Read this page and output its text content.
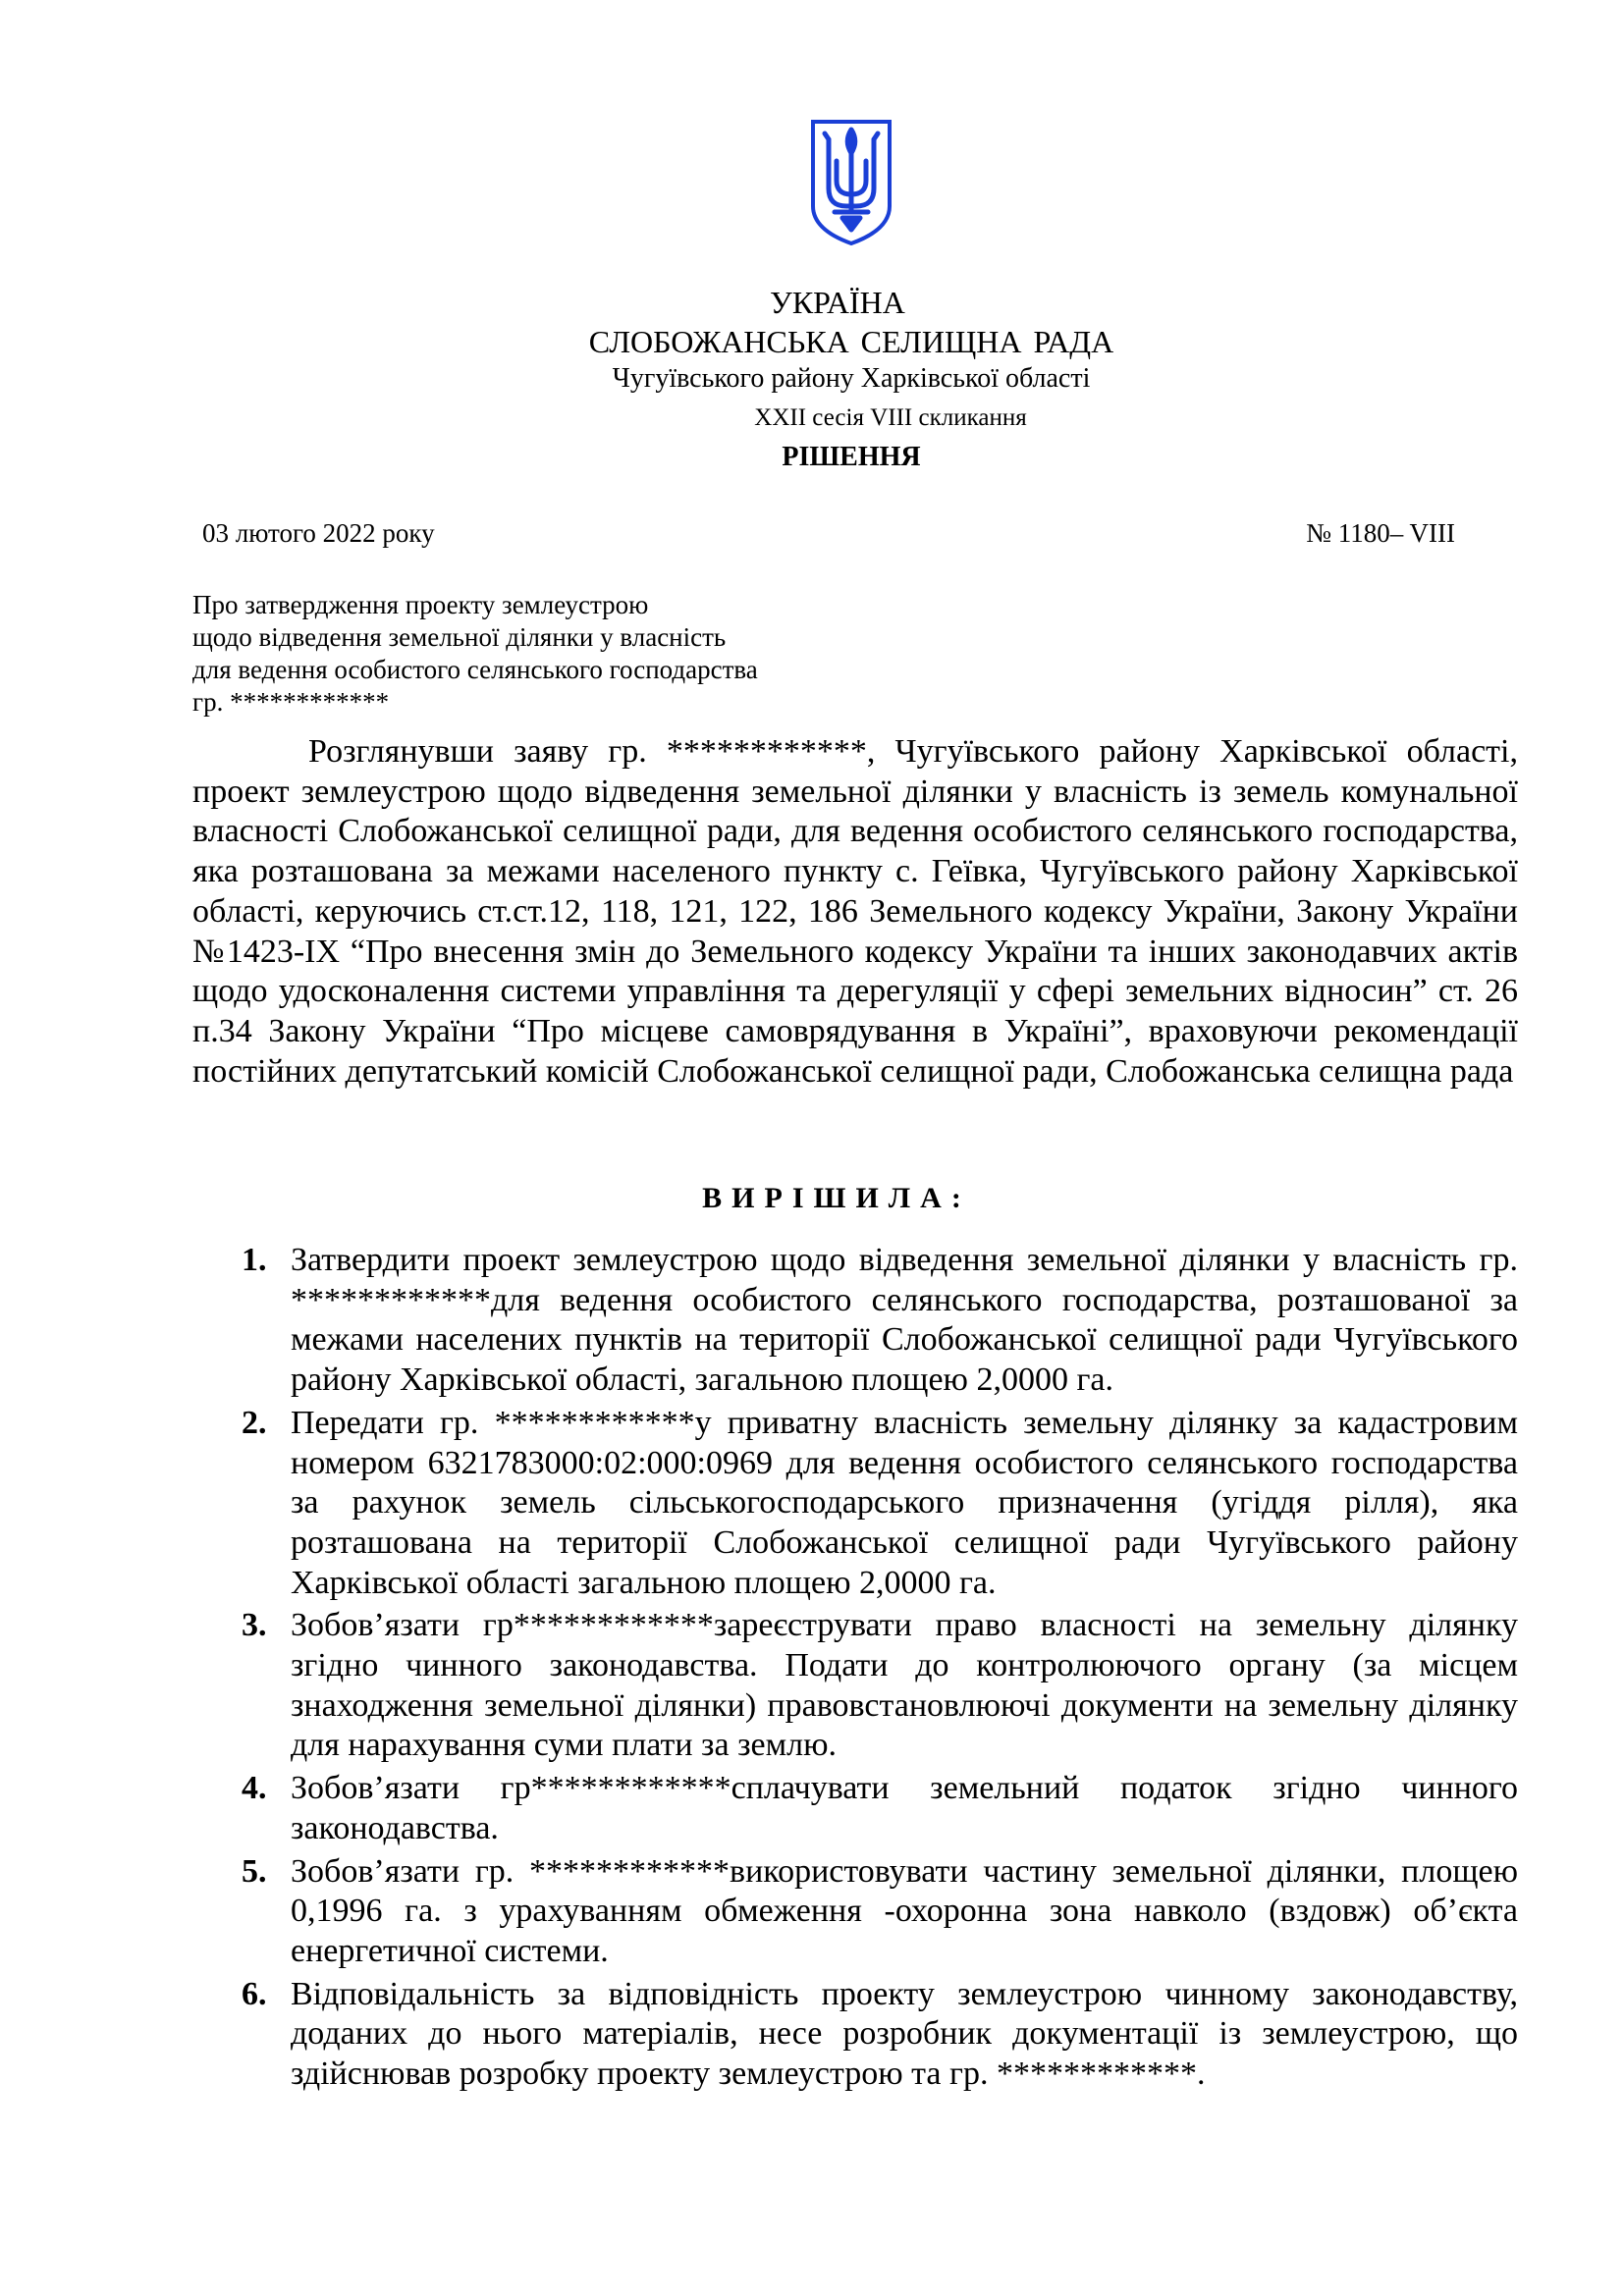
УКРАЇНА
СЛОБОЖАНСЬКА СЕЛИЩНА РАДА
Чугуївського району Харківської області
XXII сесія VIII скликання
РІШЕННЯ
03 лютого 2022 року	№ 1180– VIII
Про затвердження проекту землеустрою
щодо відведення земельної ділянки у власність
для ведення особистого селянського господарства
гр. ************
Розглянувши заяву гр. ************, Чугуївського району Харківської області, проект землеустрою щодо відведення земельної ділянки у власність із земель комунальної власності Слобожанської селищної ради, для ведення особистого селянського господарства, яка розташована за межами населеного пункту с. Геївка, Чугуївського району Харківської області, керуючись ст.ст.12, 118, 121, 122, 186 Земельного кодексу України, Закону України №1423-IX “Про внесення змін до Земельного кодексу України та інших законодавчих актів щодо удосконалення системи управління та дерегуляції у сфері земельних відносин” ст. 26 п.34 Закону України “Про місцеве самоврядування в Україні”, враховуючи рекомендації постійних депутатський комісій Слобожанської селищної ради, Слобожанська селищна рада
ВИРІШИЛА:
1. Затвердити проект землеустрою щодо відведення земельної ділянки у власність гр. ************для ведення особистого селянського господарства, розташованої за межами населених пунктів на території Слобожанської селищної ради Чугуївського району Харківської області, загальною площею 2,0000 га.
2. Передати гр. ************у приватну власність земельну ділянку за кадастровим номером 6321783000:02:000:0969 для ведення особистого селянського господарства за рахунок земель сільськогосподарського призначення (угіддя рілля), яка розташована на території Слобожанської селищної ради Чугуївського району Харківської області загальною площею 2,0000 га.
3. Зобов’язати гр************зареєструвати право власності на земельну ділянку згідно чинного законодавства. Подати до контролюючого органу (за місцем знаходження земельної ділянки) правовстановлюючі документи на земельну ділянку для нарахування суми плати за землю.
4. Зобов’язати гр************сплачувати земельний податок згідно чинного законодавства.
5. Зобов’язати гр. ************використовувати частину земельної ділянки, площею 0,1996 га. з урахуванням обмеження -охоронна зона навколо (вздовж) об’єкта енергетичної системи.
6. Відповідальність за відповідність проекту землеустрою чинному законодавству, доданих до нього матеріалів, несе розробник документації із землеустрою, що здійснював розробку проекту землеустрою та гр. ************.
